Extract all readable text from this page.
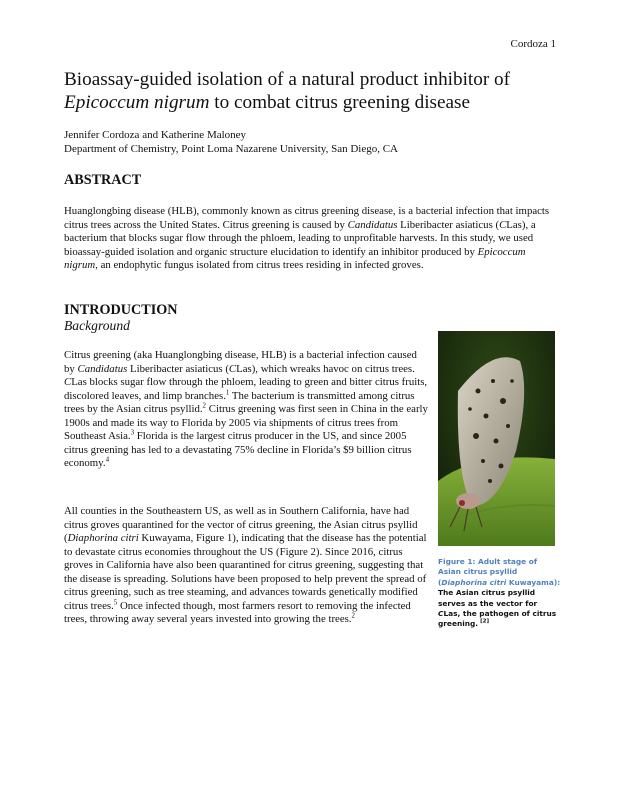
Cordoza 1
Bioassay-guided isolation of a natural product inhibitor of Epicoccum nigrum to combat citrus greening disease
Jennifer Cordoza and Katherine Maloney
Department of Chemistry, Point Loma Nazarene University, San Diego, CA
ABSTRACT

Huanglongbing disease (HLB), commonly known as citrus greening disease, is a bacterial infection that impacts citrus trees across the United States. Citrus greening is caused by Candidatus Liberibacter asiaticus (CLas), a bacterium that blocks sugar flow through the phloem, leading to unprofitable harvests. In this study, we used bioassay-guided isolation and organic structure elucidation to identify an inhibitor produced by Epicoccum nigrum, an endophytic fungus isolated from citrus trees residing in infected groves.

INTRODUCTION
Background

Citrus greening (aka Huanglongbing disease, HLB) is a bacterial infection caused by Candidatus Liberibacter asiaticus (CLas), which wreaks havoc on citrus trees. CLas blocks sugar flow through the phloem, leading to green and bitter citrus fruits, discolored leaves, and limp branches.$^1$ The bacterium is transmitted among citrus trees by the Asian citrus psyllid.$^2$ Citrus greening was first seen in China in the early 1900s and made its way to Florida by 2005 via shipments of citrus trees from Southeast Asia.$^3$ Florida is the largest citrus producer in the US, and since 2005 citrus greening has led to a devastating 75% decline in Florida’s $9 billion citrus economy.$^4$

All counties in the Southeastern US, as well as in Southern California, have had citrus groves quarantined for the vector of citrus greening, the Asian citrus psyllid (Diaphorina citri Kuwayama, Figure 1), indicating that the disease has the potential to devastate citrus economies throughout the US (Figure 2). Since 2016, citrus groves in California have also been quarantined for citrus greening, suggesting that the disease is spreading. Solutions have been proposed to help prevent the spread of citrus greening, such as tree steaming, and advances towards genetically modified citrus trees.$^5$ Once infected though, most farmers resort to removing the infected trees, throwing away several years invested into growing the trees.$^2$

Figure 1: Adult stage of Asian citrus psyllid (Diaphorina citri Kuwayama): The Asian citrus psyllid serves as the vector for CLas, the pathogen of citrus greening. [2]
